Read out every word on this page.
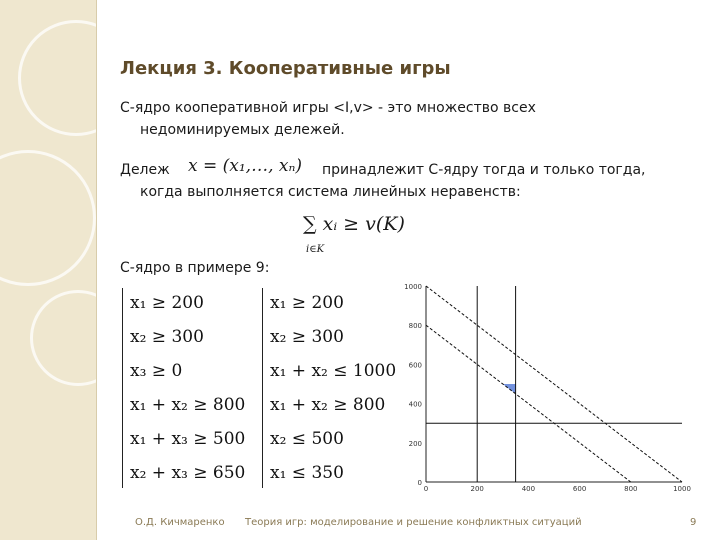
Лекция 3. Кооперативные игры
С-ядро кооперативной игры <I,v> - это множество всех
недоминируемых дележей.
Дележ x = (x₁,…, xₙ) принадлежит С-ядру тогда и только тогда,
когда выполняется система линейных неравенств:
∑ xᵢ ≥ v(K)
i∈K
С-ядро в примере 9:
x₁ ≥ 200
x₂ ≥ 300
x₃ ≥ 0
x₁ + x₂ ≥ 800
x₁ + x₃ ≥ 500
x₂ + x₃ ≥ 650
x₁ ≥ 200
x₂ ≥ 300
x₁ + x₂ ≤ 1000
x₁ + x₂ ≥ 800
x₂ ≤ 500
x₁ ≤ 350
0	200	400	600	800	1000
0
200
400
600
800
1000
О.Д. Кичмаренко Теория игр: моделирование и решение конфликтных ситуаций	9
